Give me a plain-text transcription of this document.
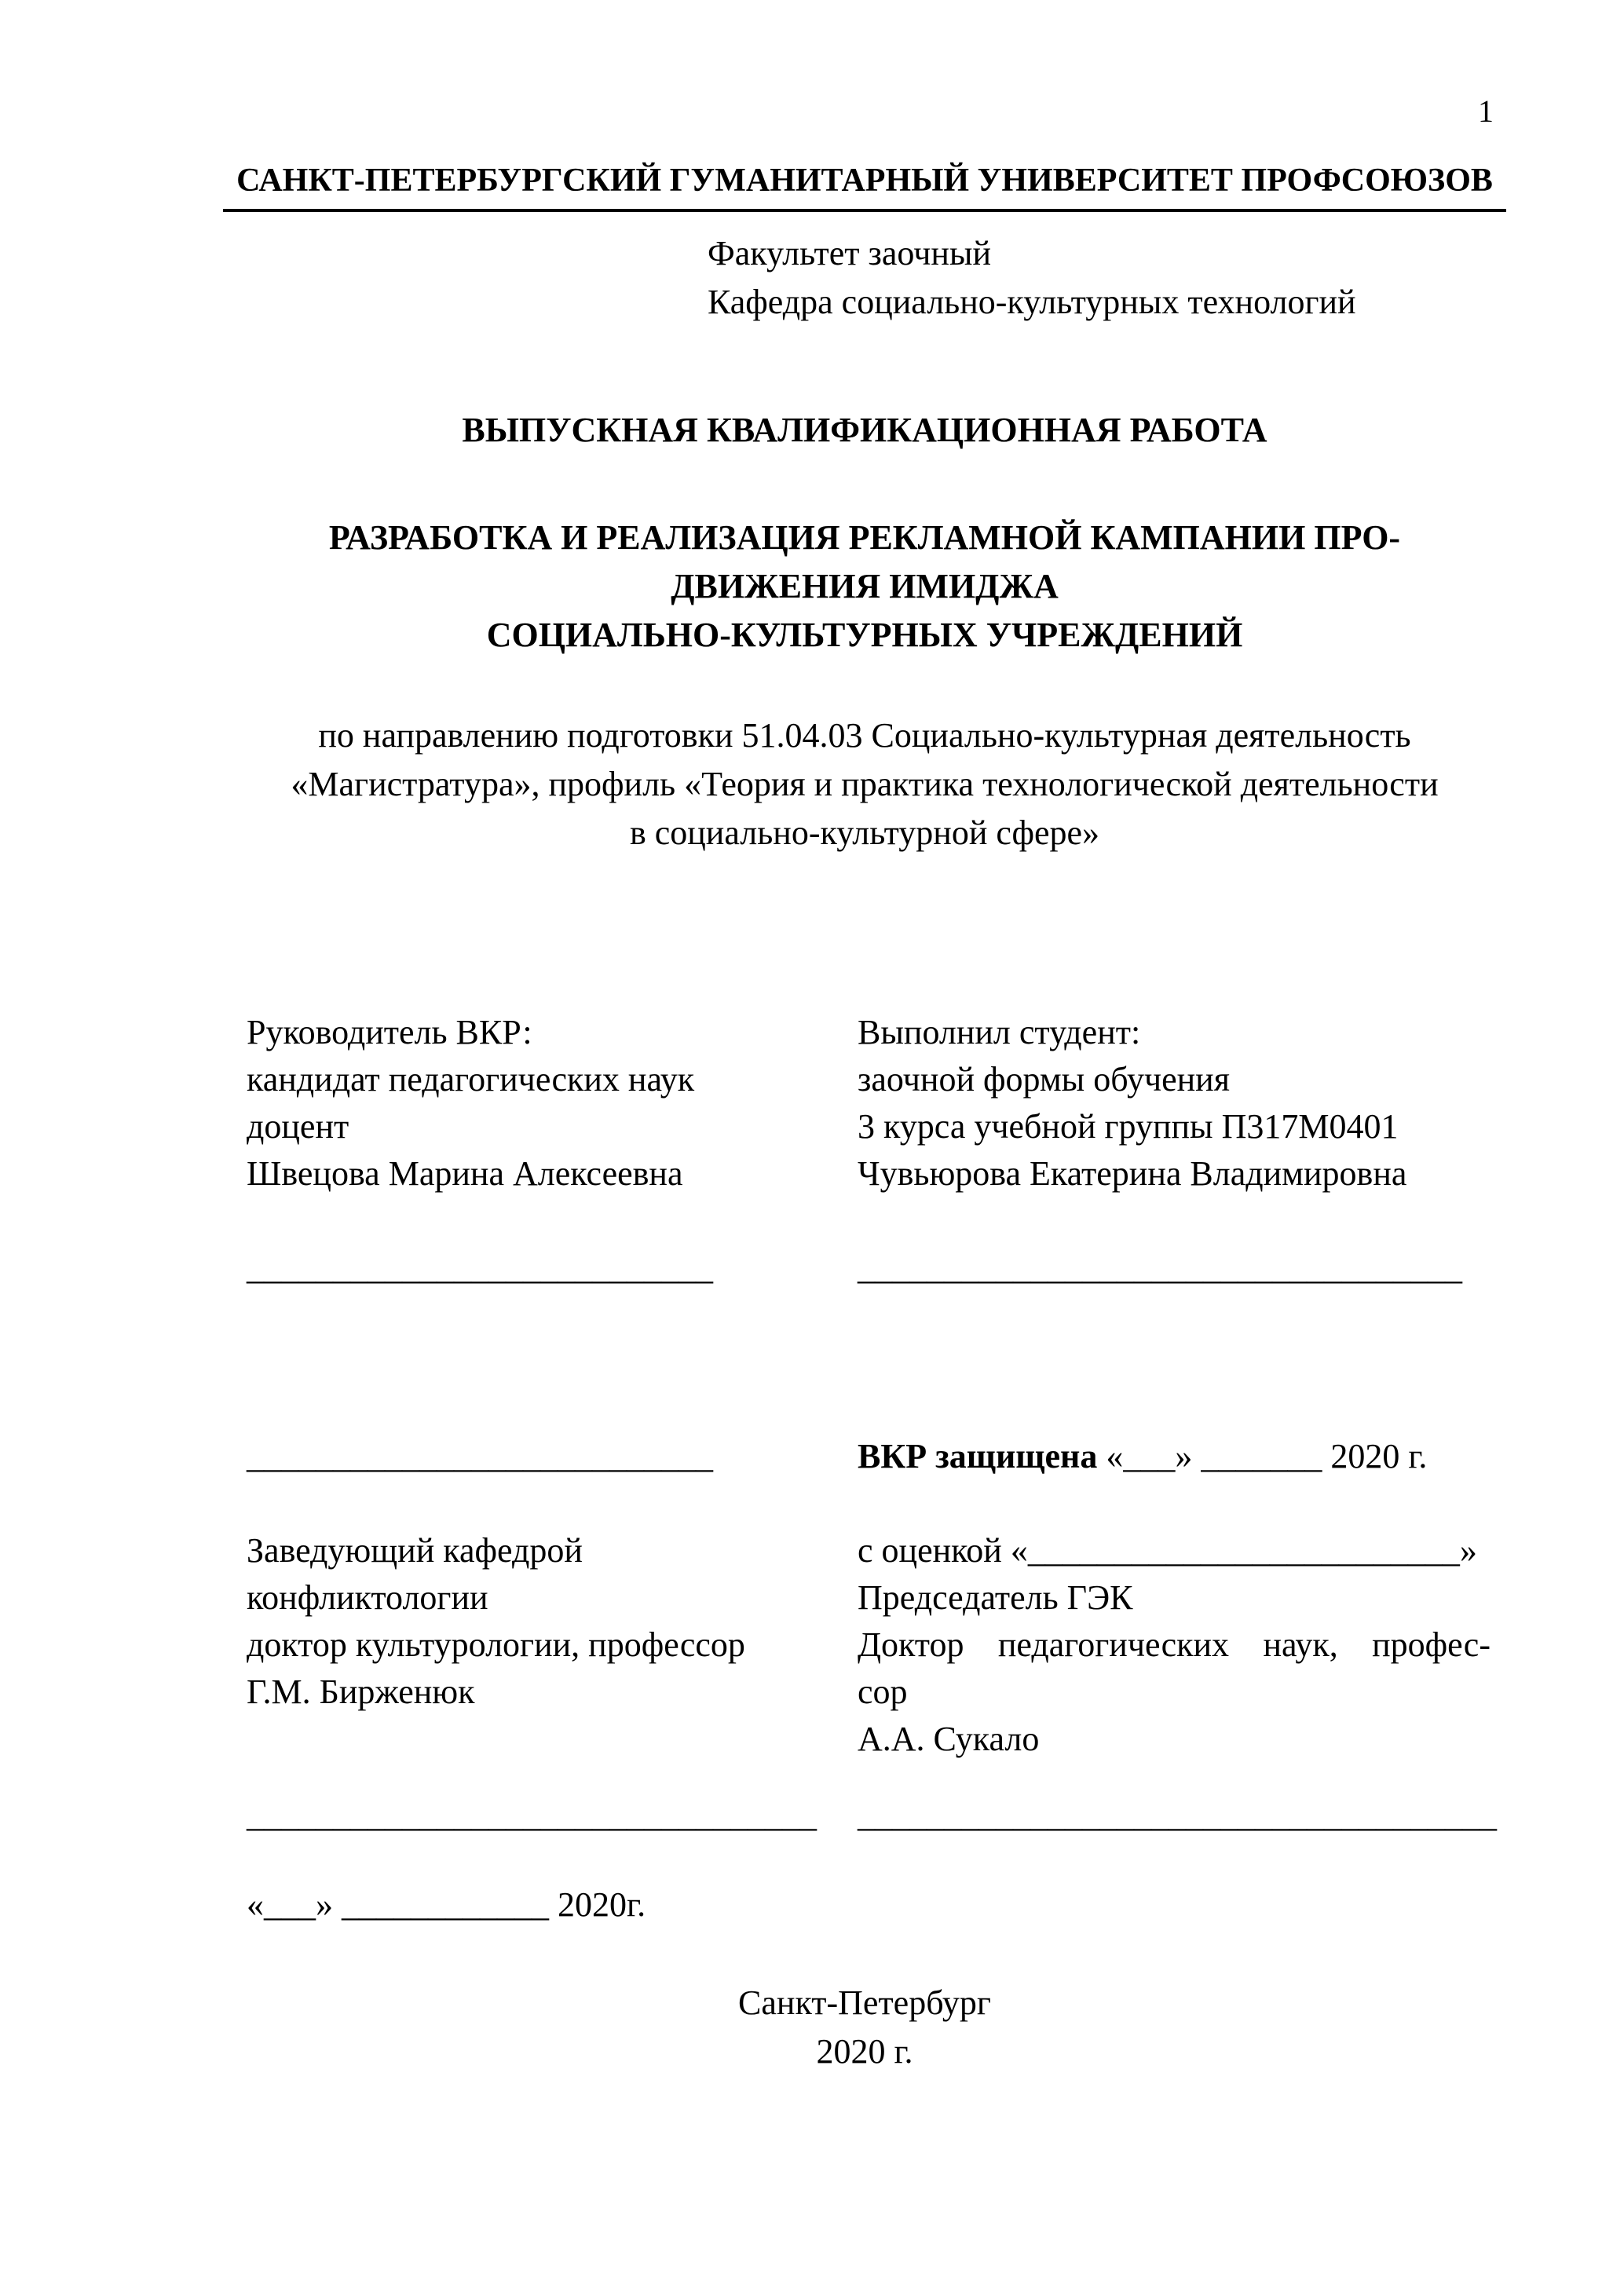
1
САНКТ-ПЕТЕРБУРГСКИЙ ГУМАНИТАРНЫЙ УНИВЕРСИТЕТ ПРОФСОЮЗОВ
Факультет заочный
Кафедра социально-культурных технологий
ВЫПУСКНАЯ КВАЛИФИКАЦИОННАЯ РАБОТА
РАЗРАБОТКА И РЕАЛИЗАЦИЯ РЕКЛАМНОЙ КАМПАНИИ ПРО-
ДВИЖЕНИЯ ИМИДЖА
СОЦИАЛЬНО-КУЛЬТУРНЫХ УЧРЕЖДЕНИЙ
по направлению подготовки 51.04.03 Социально-культурная деятельность
«Магистратура», профиль «Теория и практика технологической деятельности
в социально-культурной сфере»
Руководитель ВКР:
кандидат педагогических наук
доцент
Швецова Марина Алексеевна
___________________________
___________________________
Заведующий кафедрой
конфликтологии
доктор культурологии, профессор
Г.М. Бирженюк
Выполнил студент:
заочной формы обучения
3 курса учебной группы П317М0401
Чувьюрова Екатерина Владимировна
___________________________________
ВКР защищена «___» _______ 2020 г.
с оценкой «_________________________»
Председатель ГЭК
Доктор педагогических наук, профес-
сор
А.А. Сукало
_________________________________ _____________________________________
«___» ____________ 2020г.
Санкт-Петербург
2020 г.
